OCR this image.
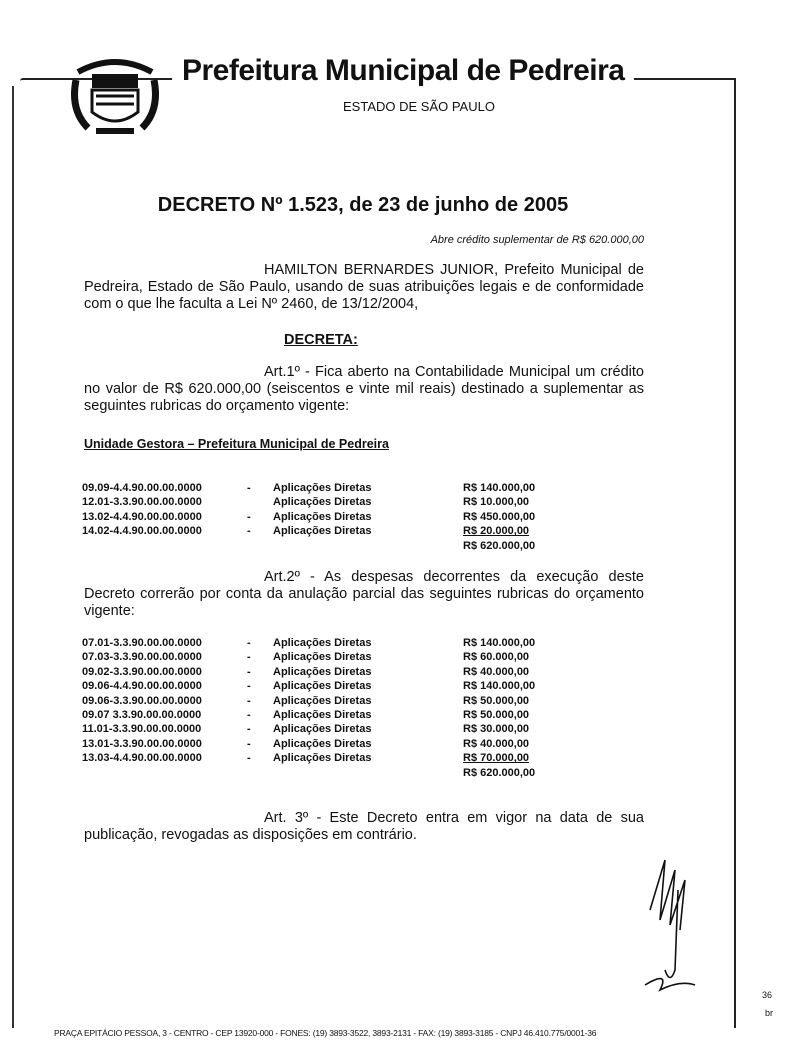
Prefeitura Municipal de Pedreira
ESTADO DE SÃO PAULO
DECRETO Nº 1.523, de 23 de junho de 2005
Abre crédito suplementar de R$ 620.000,00
HAMILTON BERNARDES JUNIOR, Prefeito Municipal de Pedreira, Estado de São Paulo, usando de suas atribuições legais e de conformidade com o que lhe faculta a Lei Nº 2460, de 13/12/2004,
DECRETA:
Art.1º - Fica aberto na Contabilidade Municipal um crédito no valor de R$ 620.000,00 (seiscentos e vinte mil reais) destinado a suplementar as seguintes rubricas do orçamento vigente:
Unidade Gestora – Prefeitura Municipal de Pedreira
09.09-4.4.90.00.00.0000	-	Aplicações Diretas	R$ 140.000,00
12.01-3.3.90.00.00.0000		Aplicações Diretas	R$ 10.000,00
13.02-4.4.90.00.00.0000	-	Aplicações Diretas	R$ 450.000,00
14.02-4.4.90.00.00.0000	-	Aplicações Diretas	R$ 20.000,00
			R$ 620.000,00
Art.2º - As despesas decorrentes da execução deste Decreto correrão por conta da anulação parcial das seguintes rubricas do orçamento vigente:
07.01-3.3.90.00.00.0000	-	Aplicações Diretas	R$ 140.000,00
07.03-3.3.90.00.00.0000	-	Aplicações Diretas	R$ 60.000,00
09.02-3.3.90.00.00.0000	-	Aplicações Diretas	R$ 40.000,00
09.06-4.4.90.00.00.0000	-	Aplicações Diretas	R$ 140.000,00
09.06-3.3.90.00.00.0000	-	Aplicações Diretas	R$ 50.000,00
09.07 3.3.90.00.00.0000	-	Aplicações Diretas	R$ 50.000,00
11.01-3.3.90.00.00.0000	-	Aplicações Diretas	R$ 30.000,00
13.01-3.3.90.00.00.0000	-	Aplicações Diretas	R$ 40.000,00
13.03-4.4.90.00.00.0000	-	Aplicações Diretas	R$ 70.000,00
			R$ 620.000,00
Art. 3º - Este Decreto entra em vigor na data de sua publicação, revogadas as disposições em contrário.
36
br
PRAÇA EPITÁCIO PESSOA, 3 - CENTRO - CEP 13920-000 - FONES: (19) 3893-3522, 3893-2131 - FAX: (19) 3893-3185 - CNPJ 46.410.775/0001-36
